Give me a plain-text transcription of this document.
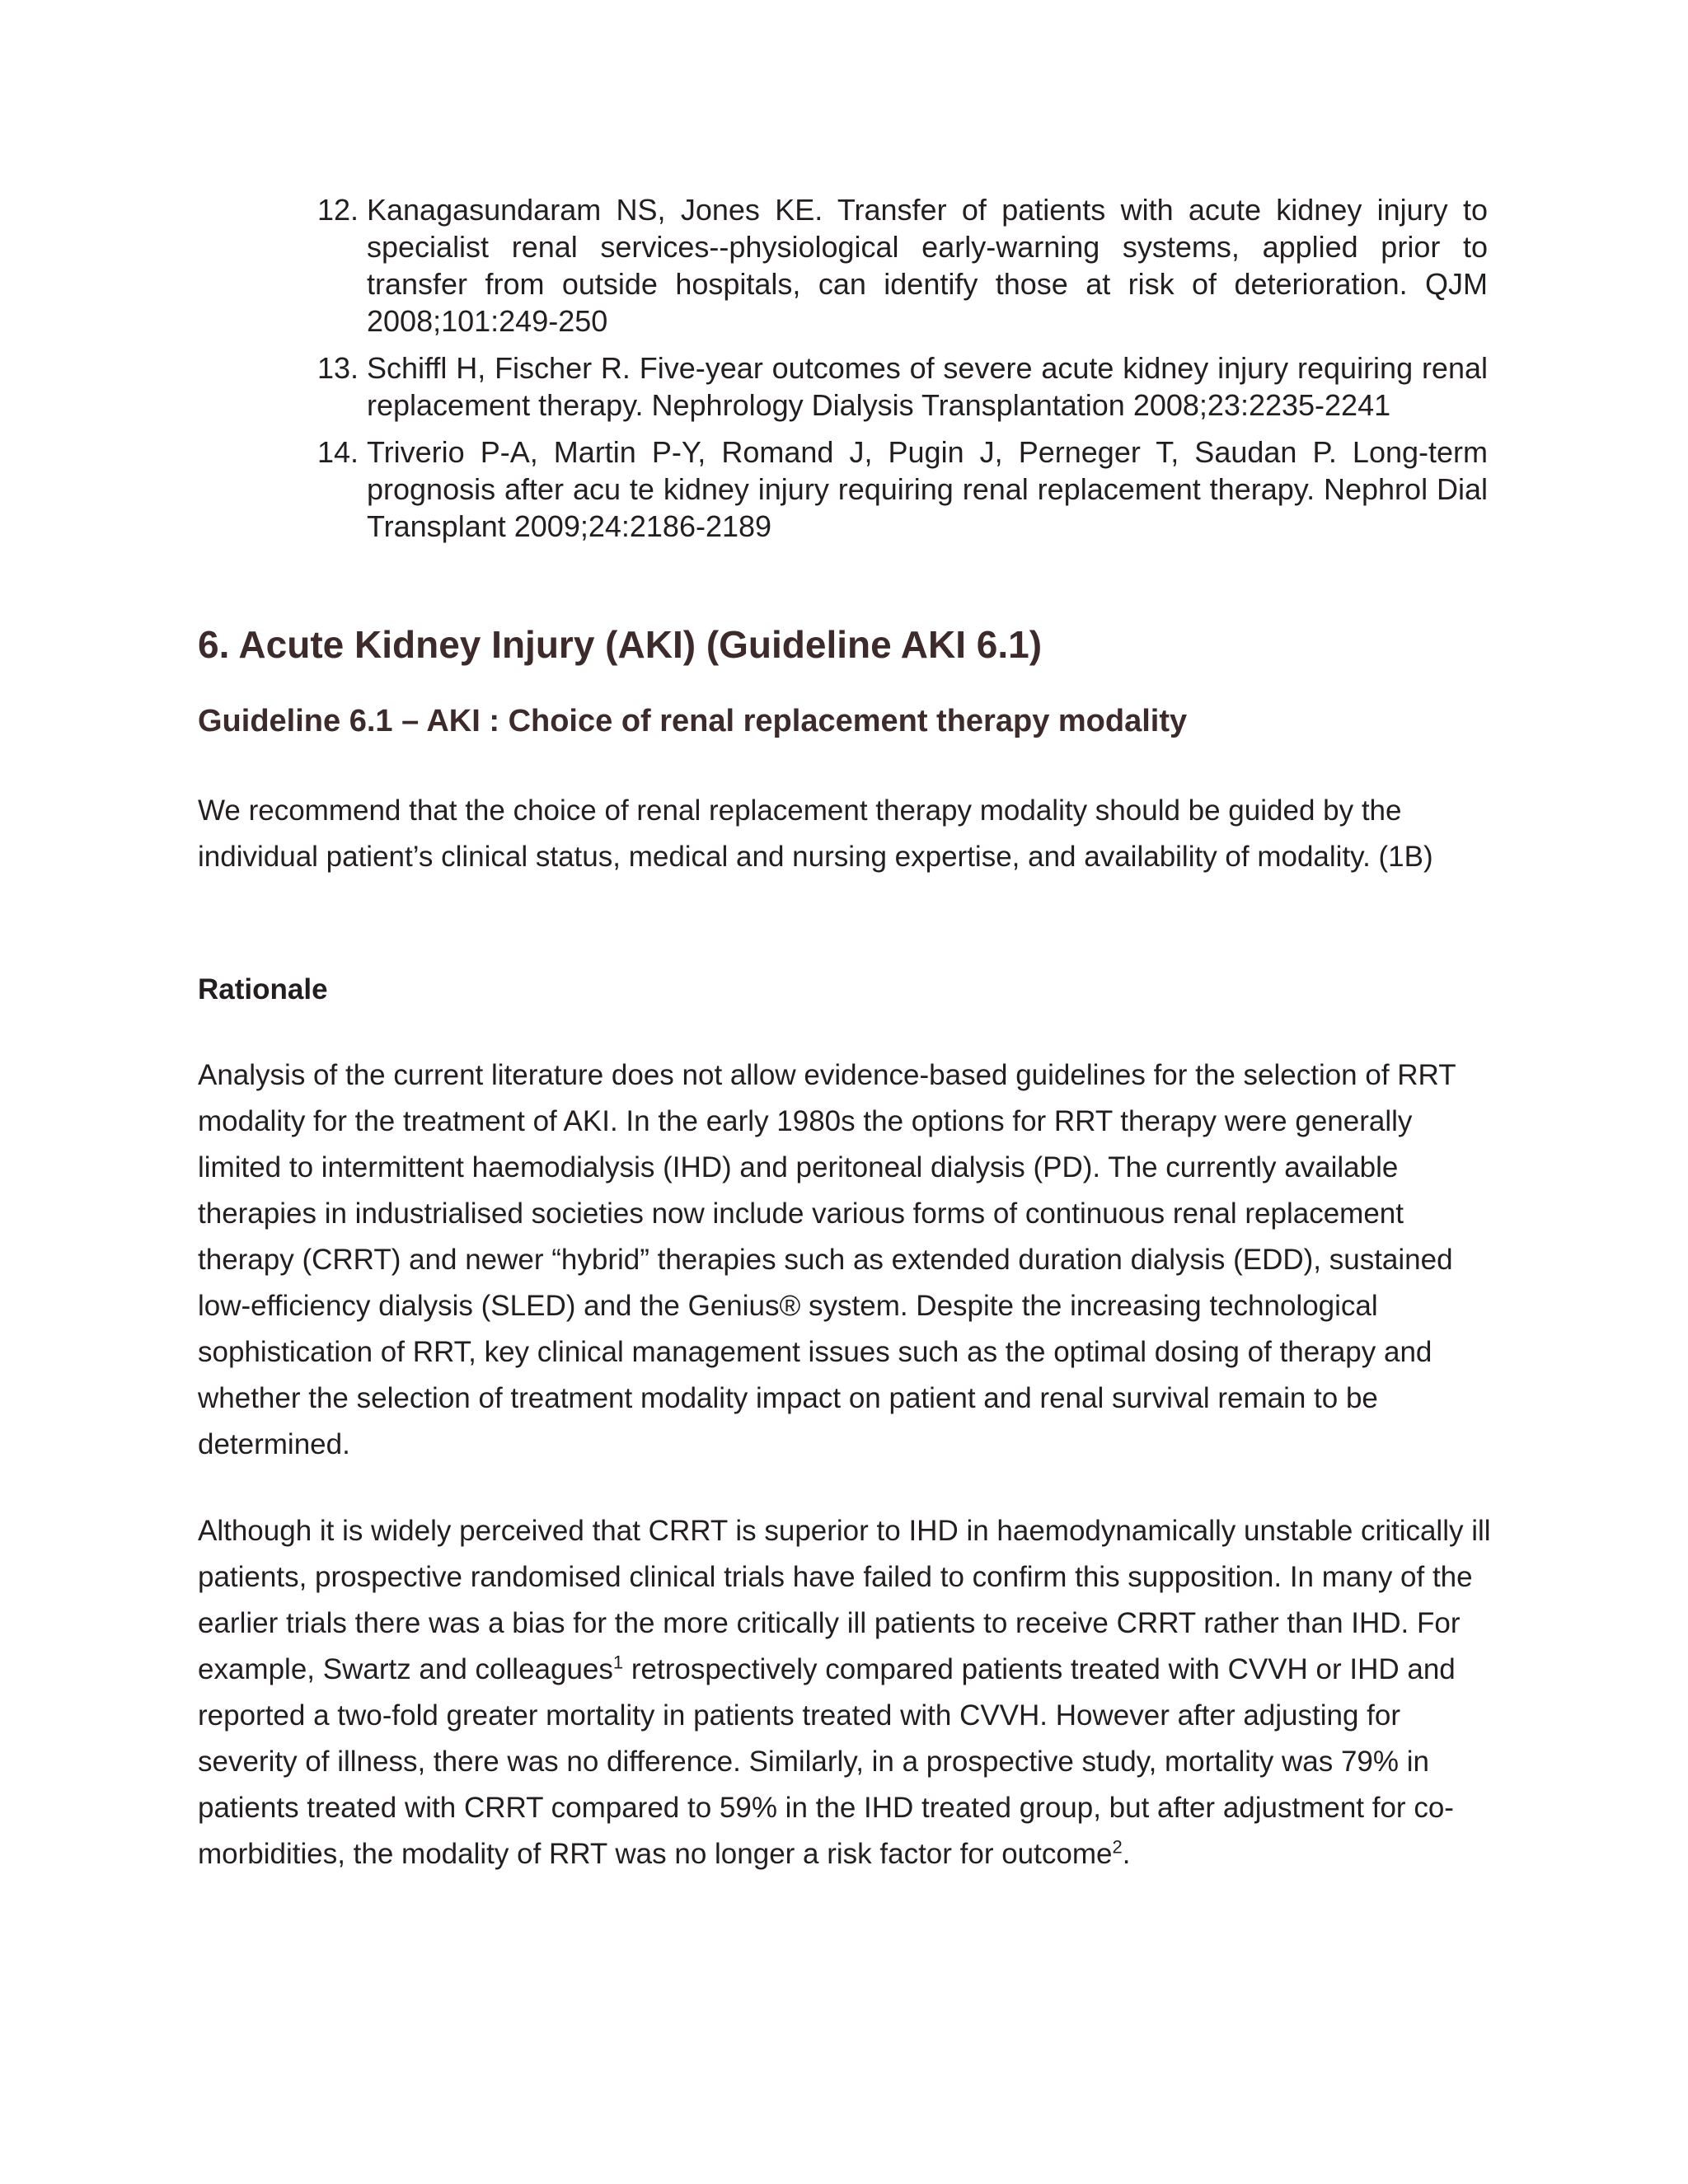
12. Kanagasundaram NS, Jones KE. Transfer of patients with acute kidney injury to specialist renal services--physiological early-warning systems, applied prior to transfer from outside hospitals, can identify those at risk of deterioration. QJM 2008;101:249-250
13. Schiffl H, Fischer R. Five-year outcomes of severe acute kidney injury requiring renal replacement therapy. Nephrology Dialysis Transplantation 2008;23:2235-2241
14. Triverio P-A, Martin P-Y, Romand J, Pugin J, Perneger T, Saudan P. Long-term prognosis after acu te kidney injury requiring renal replacement therapy. Nephrol Dial Transplant 2009;24:2186-2189
6. Acute Kidney Injury (AKI) (Guideline AKI 6.1)
Guideline 6.1 – AKI : Choice of renal replacement therapy modality

We recommend that the choice of renal replacement therapy modality should be guided by the individual patient’s clinical status, medical and nursing expertise, and availability of modality. (1B)

Rationale

Analysis of the current literature does not allow evidence-based guidelines for the selection of RRT modality for the treatment of AKI. In the early 1980s the options for RRT therapy were generally limited to intermittent haemodialysis (IHD) and peritoneal dialysis (PD). The currently available therapies in industrialised societies now include various forms of continuous renal replacement therapy (CRRT) and newer “hybrid” therapies such as extended duration dialysis (EDD), sustained low-efficiency dialysis (SLED) and the Genius® system. Despite the increasing technological sophistication of RRT, key clinical management issues such as the optimal dosing of therapy and whether the selection of treatment modality impact on patient and renal survival remain to be determined.

Although it is widely perceived that CRRT is superior to IHD in haemodynamically unstable critically ill patients, prospective randomised clinical trials have failed to confirm this supposition. In many of the earlier trials there was a bias for the more critically ill patients to receive CRRT rather than IHD. For example, Swartz and colleagues$^1$ retrospectively compared patients treated with CVVH or IHD and reported a two-fold greater mortality in patients treated with CVVH. However after adjusting for severity of illness, there was no difference. Similarly, in a prospective study, mortality was 79% in patients treated with CRRT compared to 59% in the IHD treated group, but after adjustment for co-morbidities, the modality of RRT was no longer a risk factor for outcome$^2$.
